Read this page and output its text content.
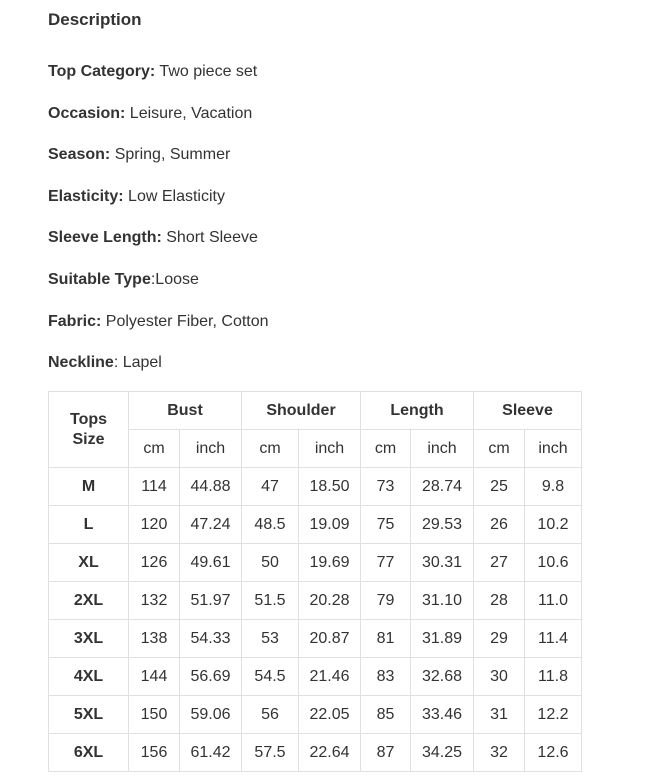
Description
Top Category: Two piece set
Occasion: Leisure, Vacation
Season: Spring, Summer
Elasticity: Low Elasticity
Sleeve Length: Short Sleeve
Suitable Type:Loose
Fabric: Polyester Fiber, Cotton
Neckline: Lapel
Tops
Size	Bust		Shoulder		Length		Sleeve	
	cm	inch	cm	inch	cm	inch	cm	inch
M	114	44.88	47	18.50	73	28.74	25	9.8
L	120	47.24	48.5	19.09	75	29.53	26	10.2
XL	126	49.61	50	19.69	77	30.31	27	10.6
2XL	132	51.97	51.5	20.28	79	31.10	28	11.0
3XL	138	54.33	53	20.87	81	31.89	29	11.4
4XL	144	56.69	54.5	21.46	83	32.68	30	11.8
5XL	150	59.06	56	22.05	85	33.46	31	12.2
6XL	156	61.42	57.5	22.64	87	34.25	32	12.6
